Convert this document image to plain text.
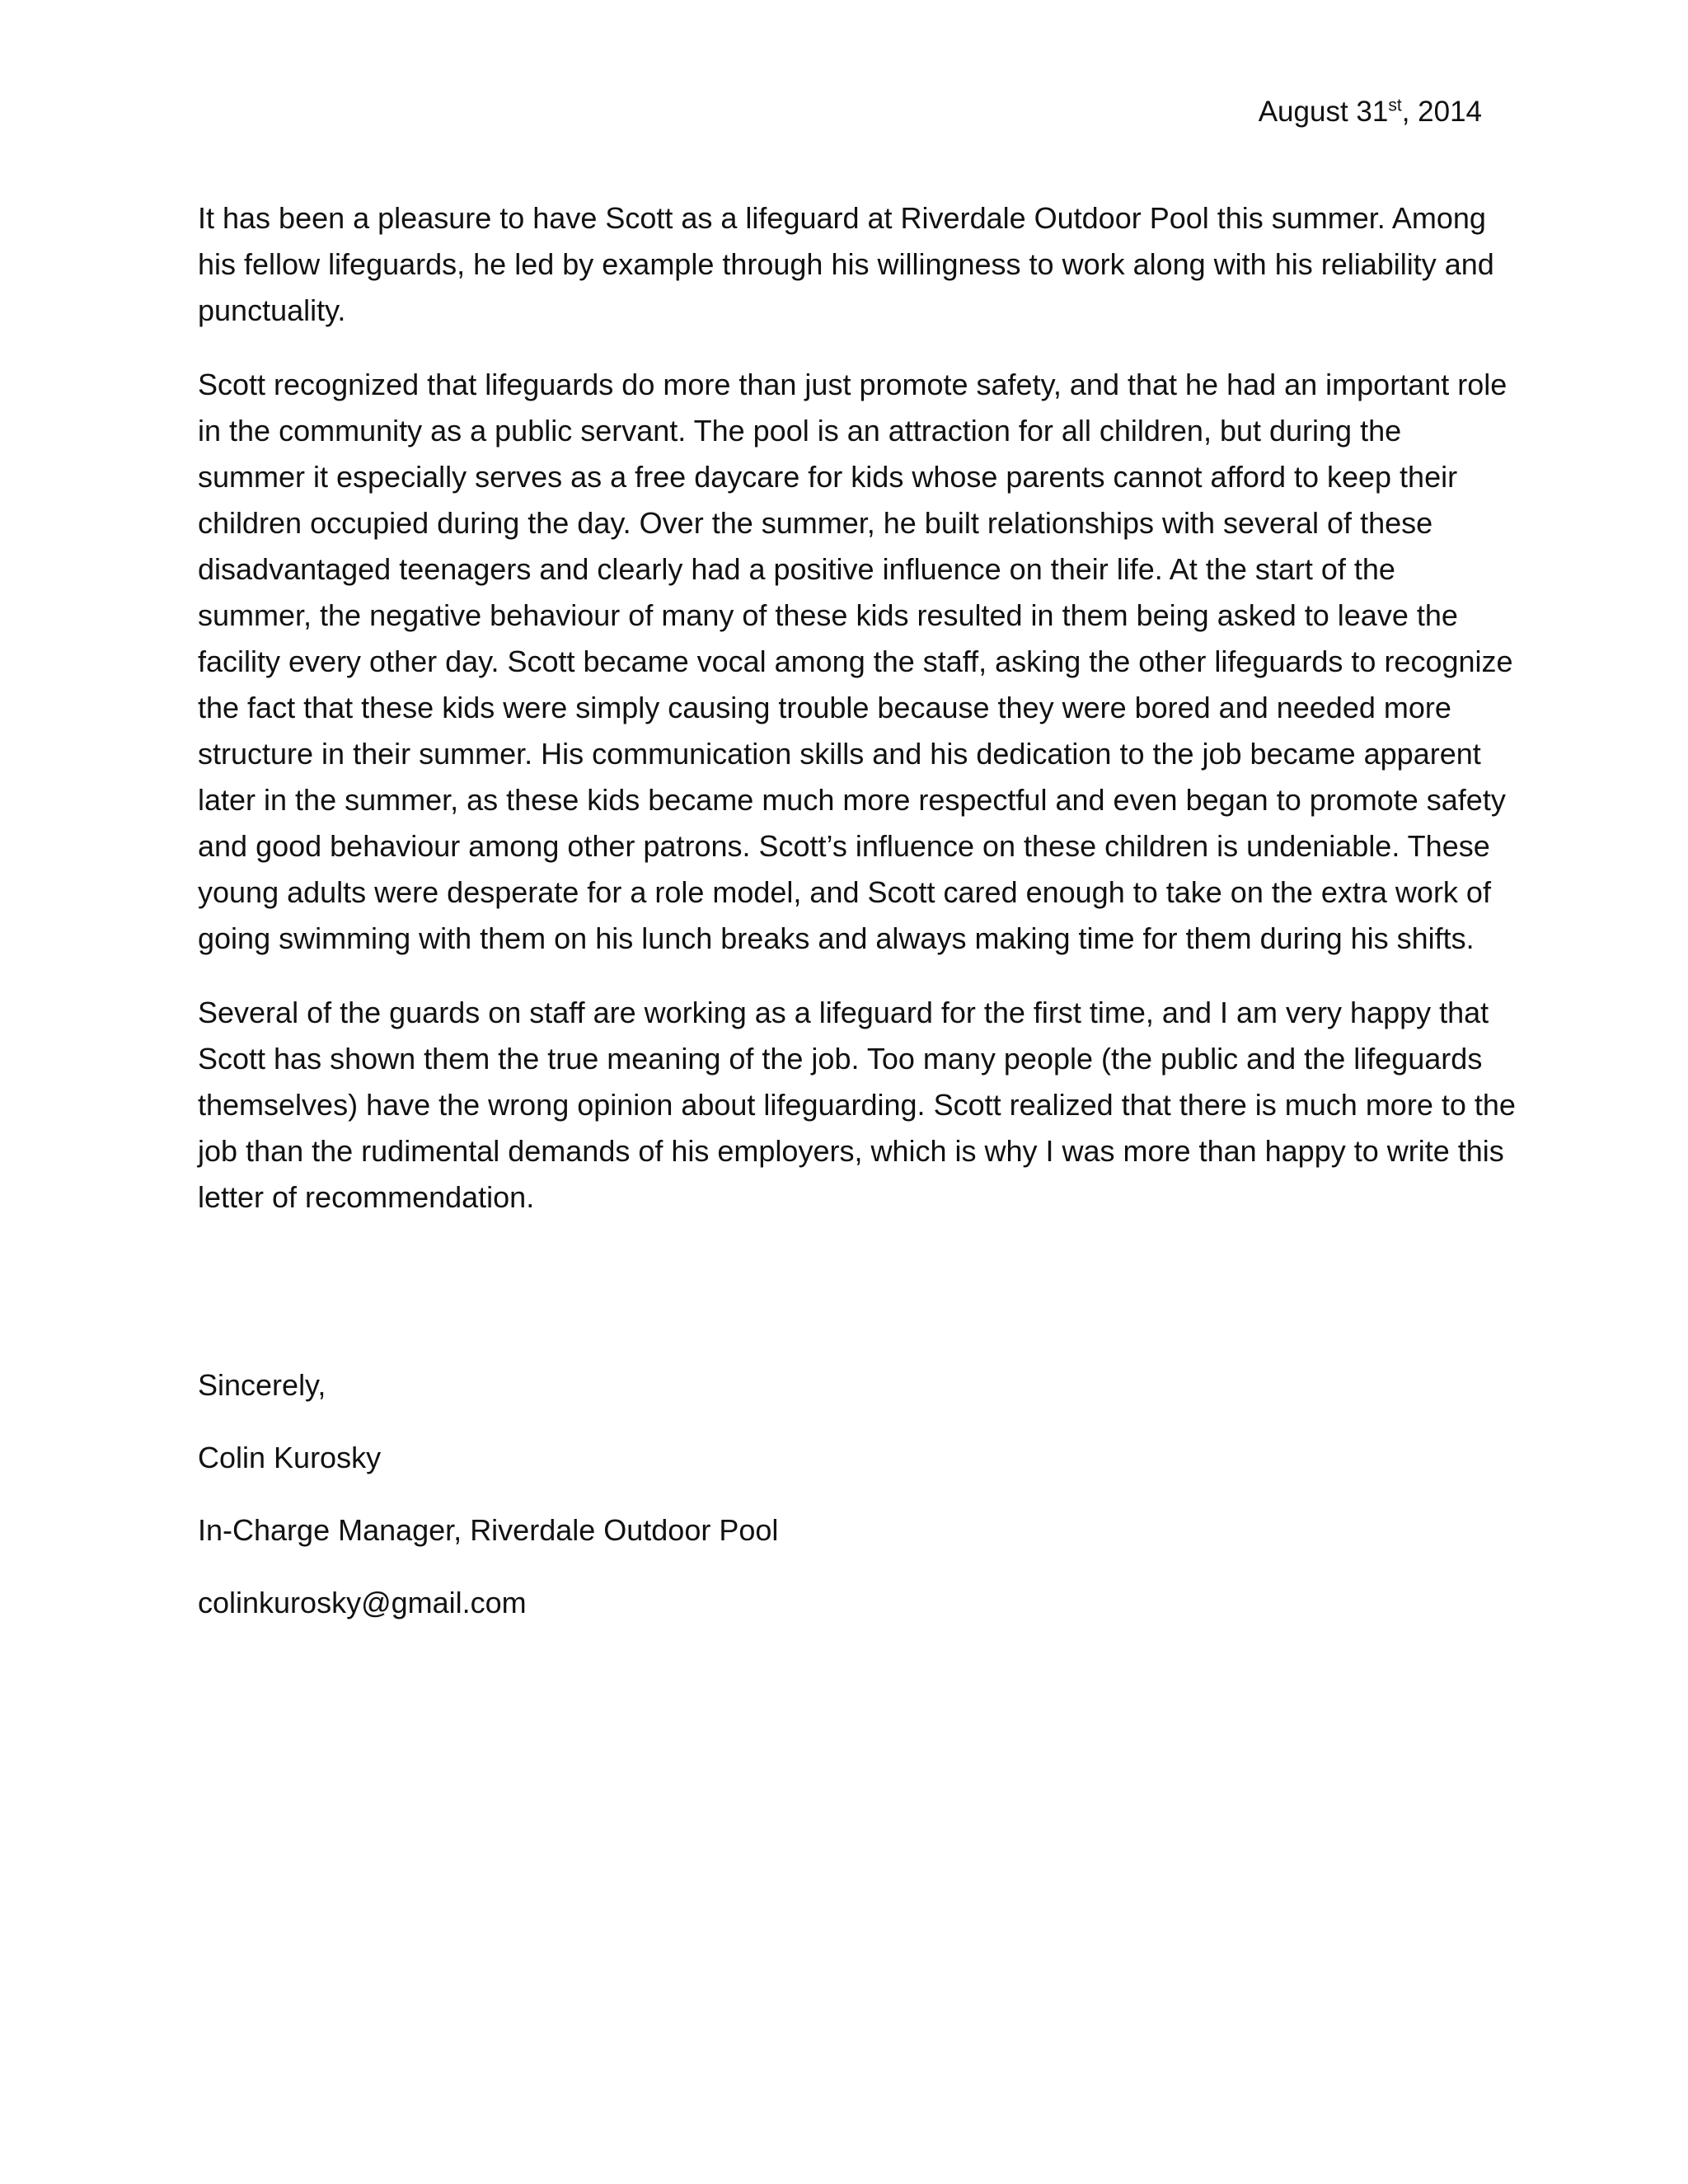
August 31st, 2014

It has been a pleasure to have Scott as a lifeguard at Riverdale Outdoor Pool this summer. Among his fellow lifeguards, he led by example through his willingness to work along with his reliability and punctuality.

Scott recognized that lifeguards do more than just promote safety, and that he had an important role in the community as a public servant. The pool is an attraction for all children, but during the summer it especially serves as a free daycare for kids whose parents cannot afford to keep their children occupied during the day. Over the summer, he built relationships with several of these disadvantaged teenagers and clearly had a positive influence on their life. At the start of the summer, the negative behaviour of many of these kids resulted in them being asked to leave the facility every other day. Scott became vocal among the staff, asking the other lifeguards to recognize the fact that these kids were simply causing trouble because they were bored and needed more structure in their summer. His communication skills and his dedication to the job became apparent later in the summer, as these kids became much more respectful and even began to promote safety and good behaviour among other patrons. Scott’s influence on these children is undeniable. These young adults were desperate for a role model, and Scott cared enough to take on the extra work of going swimming with them on his lunch breaks and always making time for them during his shifts.

Several of the guards on staff are working as a lifeguard for the first time, and I am very happy that Scott has shown them the true meaning of the job. Too many people (the public and the lifeguards themselves) have the wrong opinion about lifeguarding. Scott realized that there is much more to the job than the rudimental demands of his employers, which is why I was more than happy to write this letter of recommendation.

Sincerely,
Colin Kurosky
In-Charge Manager, Riverdale Outdoor Pool
colinkurosky@gmail.com
